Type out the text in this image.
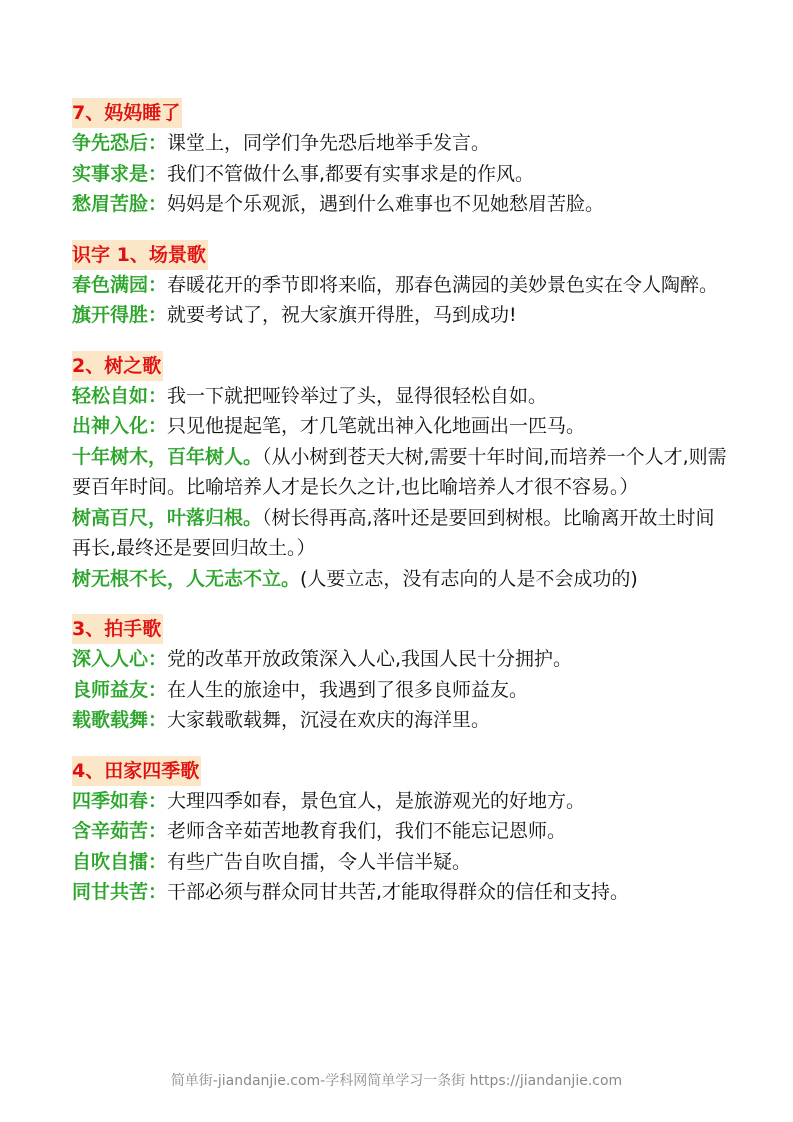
7、妈妈睡了

争先恐后：课堂上，同学们争先恐后地举手发言。

实事求是：我们不管做什么事,都要有实事求是的作风。

愁眉苦脸：妈妈是个乐观派，遇到什么难事也不见她愁眉苦脸。

识字 1、场景歌

春色满园：春暖花开的季节即将来临，那春色满园的美妙景色实在令人陶醉。

旗开得胜：就要考试了，祝大家旗开得胜，马到成功!

2、树之歌

轻松自如：我一下就把哑铃举过了头，显得很轻松自如。

出神入化：只见他提起笔，才几笔就出神入化地画出一匹马。

十年树木，百年树人。（从小树到苍天大树,需要十年时间,而培养一个人才,则需要百年时间。比喻培养人才是长久之计,也比喻培养人才很不容易。）

树高百尺，叶落归根。（树长得再高,落叶还是要回到树根。比喻离开故土时间再长,最终还是要回归故土。）

树无根不长，人无志不立。(人要立志，没有志向的人是不会成功的)

3、拍手歌

深入人心：党的改革开放政策深入人心,我国人民十分拥护。

良师益友：在人生的旅途中，我遇到了很多良师益友。

载歌载舞：大家载歌载舞，沉浸在欢庆的海洋里。

4、田家四季歌

四季如春：大理四季如春，景色宜人，是旅游观光的好地方。

含辛茹苦：老师含辛茹苦地教育我们，我们不能忘记恩师。

自吹自擂：有些广告自吹自擂，令人半信半疑。

同甘共苦：干部必须与群众同甘共苦,才能取得群众的信任和支持。

简单街-jiandanjie.com-学科网简单学习一条街 https://jiandanjie.com
